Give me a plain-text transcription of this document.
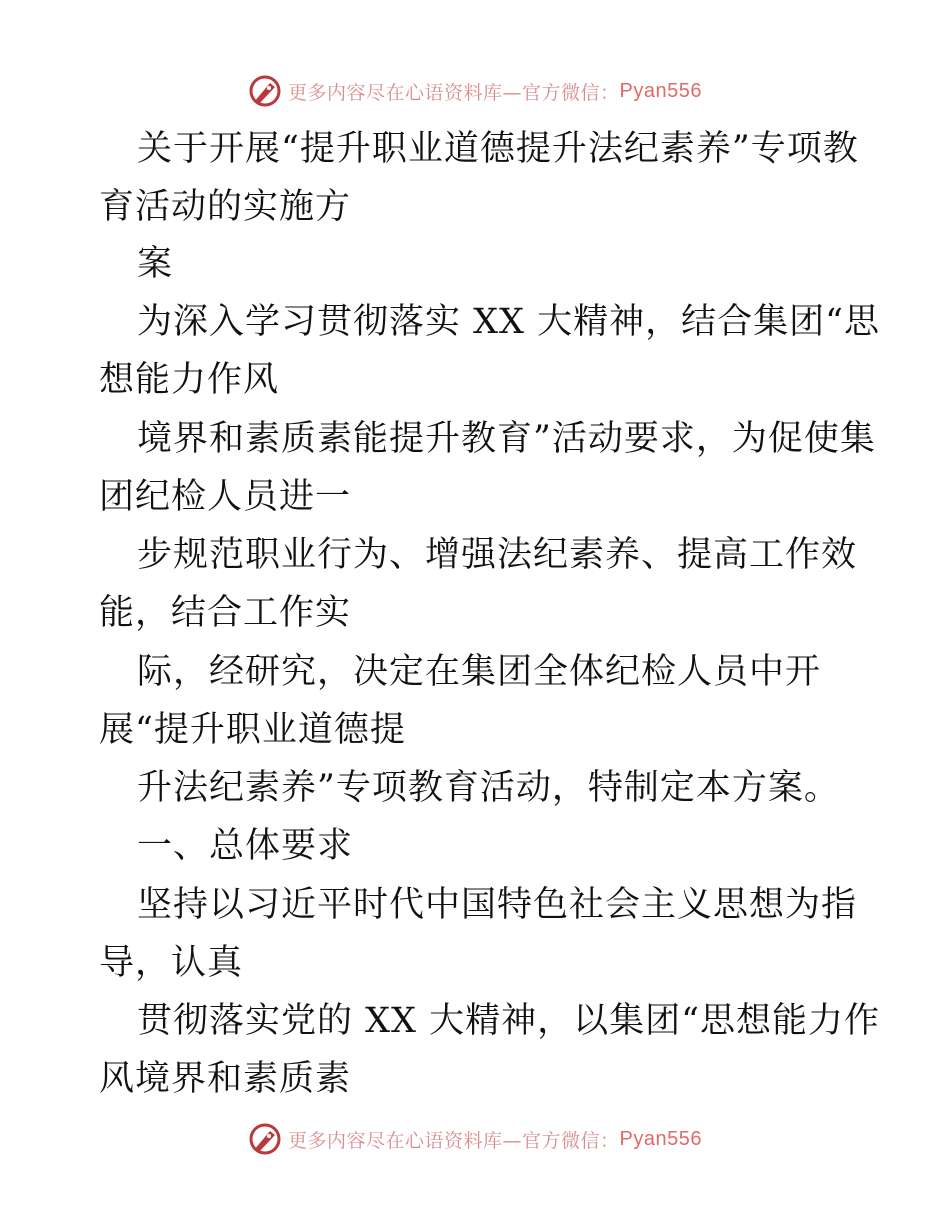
更多内容尽在心语资料库—官方微信： Pyan556
关于开展“提升职业道德提升法纪素养”专项教
育活动的实施方
案
为深入学习贯彻落实 XX 大精神，结合集团“思
想能力作风
境界和素质素能提升教育”活动要求，为促使集
团纪检人员进一
步规范职业行为、增强法纪素养、提高工作效
能，结合工作实
际，经研究，决定在集团全体纪检人员中开
展“提升职业道德提
升法纪素养”专项教育活动，特制定本方案。
一、总体要求
坚持以习近平时代中国特色社会主义思想为指
导，认真
贯彻落实党的 XX 大精神，以集团“思想能力作
风境界和素质素
更多内容尽在心语资料库—官方微信： Pyan556
